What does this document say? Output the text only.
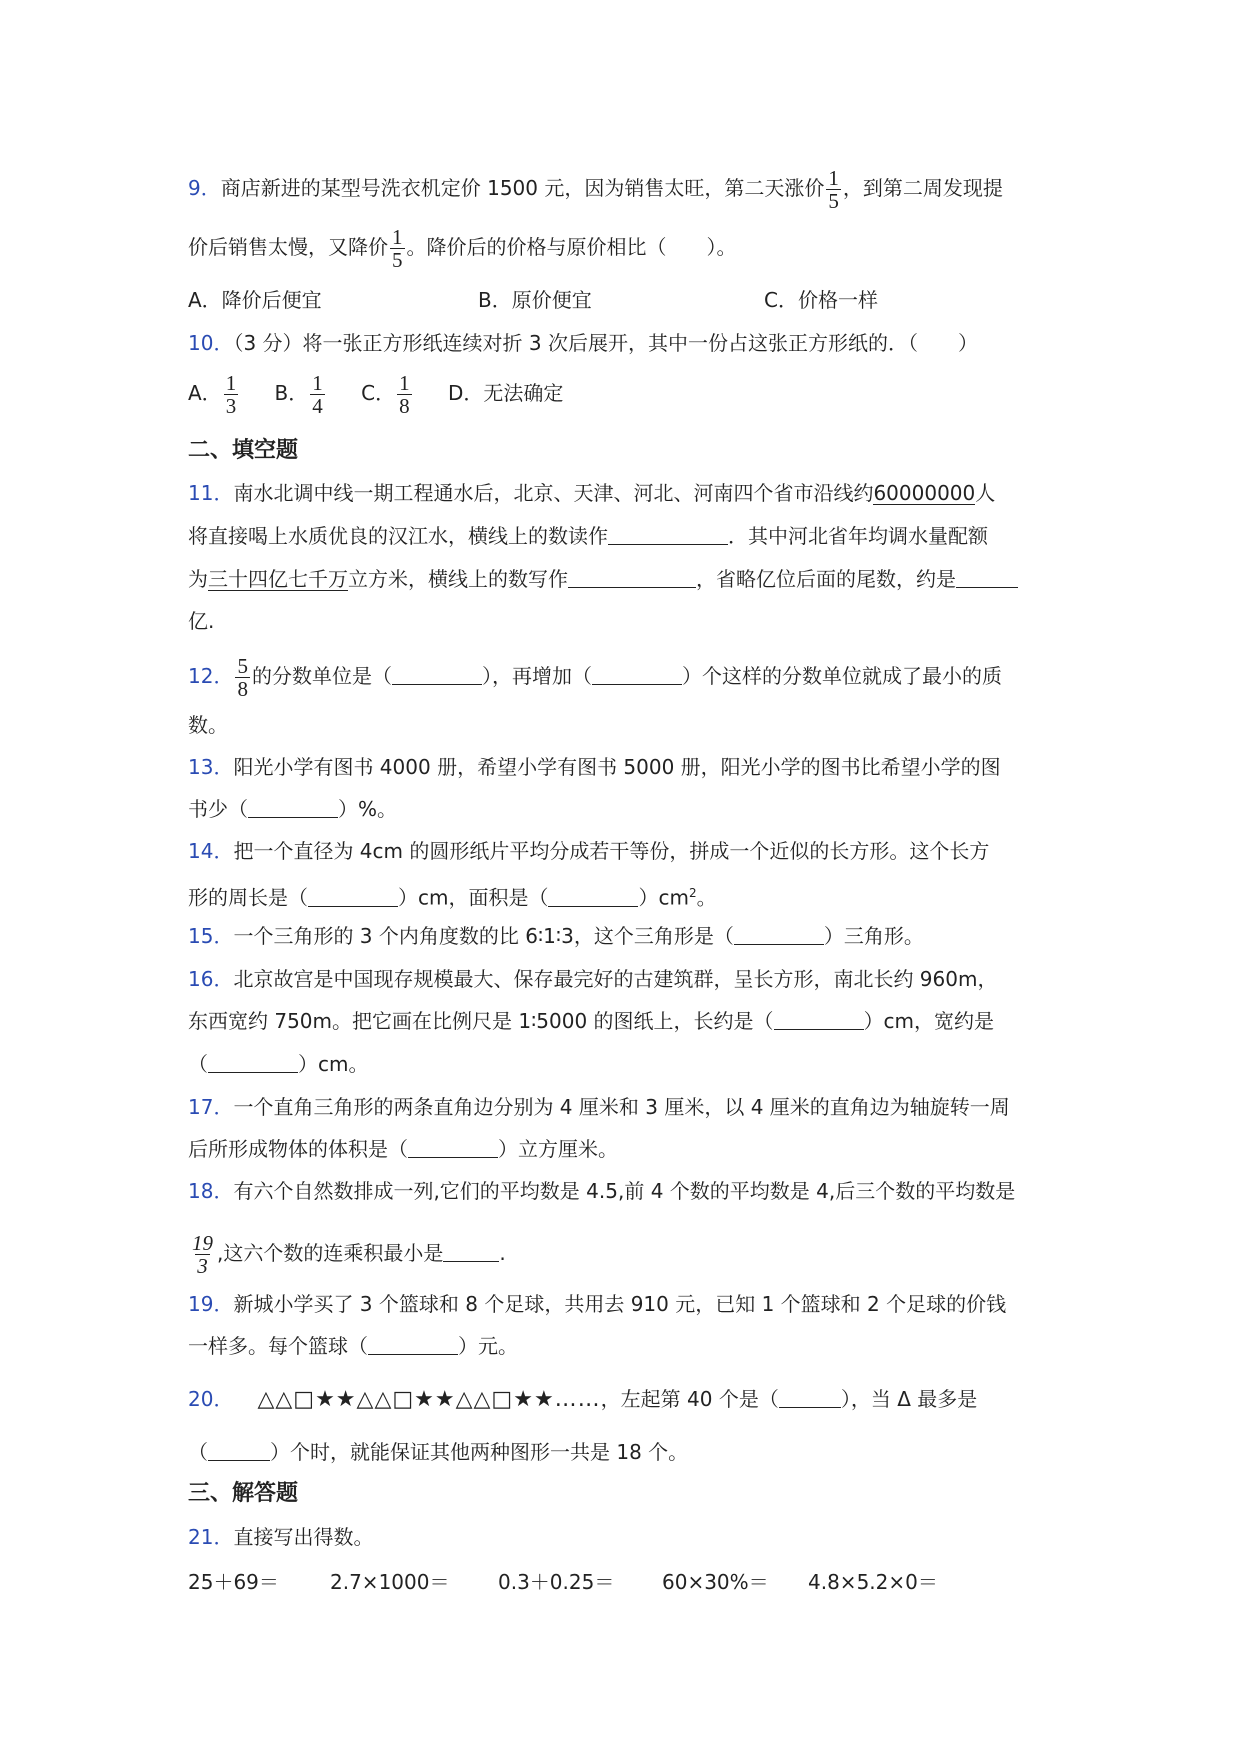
9．商店新进的某型号洗衣机定价 1500 元，因为销售太旺，第二天涨价 $\frac{1}{5}$ ，到第二周发现提
价后销售太慢，又降价 $\frac{1}{5}$ 。降价后的价格与原价相比（　　）。
A．降价后便宜	B．原价便宜	C．价格一样
10．（3 分）将一张正方形纸连续对折 3 次后展开，其中一份占这张正方形纸的．（　　）
A． $\frac{1}{3}$ B． $\frac{1}{4}$ C． $\frac{1}{8}$ D．无法确定
二、填空题
11．南水北调中线一期工程通水后，北京、天津、河北、河南四个省市沿线约60000000人
将直接喝上水质优良的汉江水，横线上的数读作	．其中河北省年均调水量配额
为三十四亿七千万立方米，横线上的数写作	，省略亿位后面的尾数，约是
亿.
12． $\frac{5}{8}$ 的分数单位是（	），再增加（	）个这样的分数单位就成了最小的质
数。
13．阳光小学有图书 4000 册，希望小学有图书 5000 册，阳光小学的图书比希望小学的图
书少（	）%。
14．把一个直径为 4cm 的圆形纸片平均分成若干等份，拼成一个近似的长方形。这个长方
形的周长是（	）cm，面积是（	）$cm^2$。
15．一个三角形的 3 个内角度数的比 6∶1∶3，这个三角形是（	）三角形。
16．北京故宫是中国现存规模最大、保存最完好的古建筑群，呈长方形，南北长约 960m，
东西宽约 750m。把它画在比例尺是 1∶5000 的图纸上，长约是（	）cm，宽约是
（	）cm。
17．一个直角三角形的两条直角边分别为 4 厘米和 3 厘米，以 4 厘米的直角边为轴旋转一周
后所形成物体的体积是（	）立方厘米。
18．有六个自然数排成一列,它们的平均数是 4.5,前 4 个数的平均数是 4,后三个数的平均数是
$\frac{19}{3}$ ,这六个数的连乘积最小是	.
19．新城小学买了 3 个篮球和 8 个足球，共用去 910 元，已知 1 个篮球和 2 个足球的价钱
一样多。每个篮球（	）元。
20． △△□★★△△□★★△△□★★……，左起第 40 个是（	），当 Δ 最多是
（	）个时，就能保证其他两种图形一共是 18 个。
三、解答题
21．直接写出得数。
25＋69＝	2.7×1000＝ 0.3＋0.25＝ 60×30%＝ 4.8×5.2×0＝
